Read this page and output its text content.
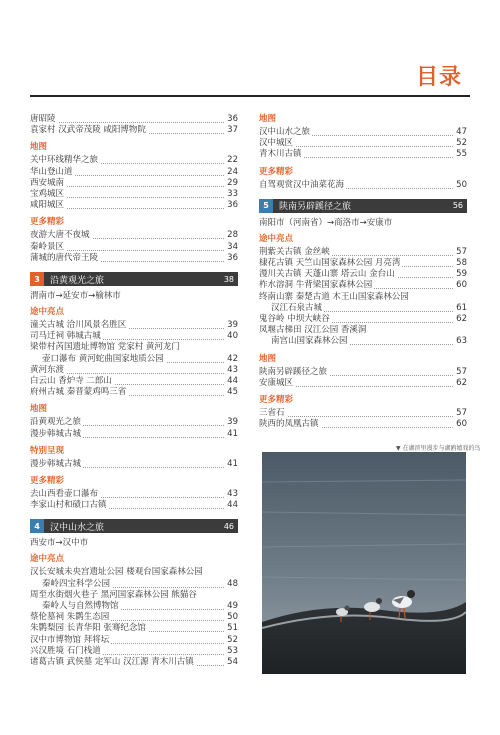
目录
唐昭陵	36
袁家村 汉武帝茂陵 咸阳博物院	37
地图
关中环线精华之旅	22
华山登山道	24
西安城南	29
宝鸡城区	33
咸阳城区	36
更多精彩
夜游大唐不夜城	28
秦岭景区	34
蒲城的唐代帝王陵	36
3	沿黄观光之旅	38
渭南市→延安市→榆林市
途中亮点
潼关古城 洽川风景名胜区	39
司马迁祠 韩城古城	40
梁带村芮国遗址博物馆 党家村 黄河龙门
壶口瀑布 黄河蛇曲国家地质公园	42
黄河东渡	43
白云山 香炉寺 二郎山	44
府州古城 秦晋蒙鸡鸣三省	45
地图
沿黄观光之旅	39
漫步韩城古城	41
特别呈现
漫步韩城古城	41
更多精彩
去山西看壶口瀑布	43
李家山村和碛口古镇	44
4	汉中山水之旅	46
西安市→汉中市
途中亮点
汉长安城未央宫遗址公园 楼观台国家森林公园
秦岭四宝科学公园	48
周至水街烟火巷子 黑河国家森林公园 熊猫谷
秦岭人与自然博物馆	49
蔡伦墓祠 朱鹮生态园	50
朱鹮梨园 长青华阳 张骞纪念馆	51
汉中市博物馆 拜将坛	52
兴汉胜境 石门栈道	53
诸葛古镇 武侯墓 定军山 汉江源 青木川古镇	54
地图
汉中山水之旅	47
汉中城区	52
青木川古镇	55
更多精彩
自驾观赏汉中油菜花海	50
5	陕南另辟蹊径之旅	56
南阳市（河南省）→商洛市→安康市
途中亮点
荆紫关古镇 金丝峡	57
棣花古镇 天竺山国家森林公园 月亮湾	58
漫川关古镇 天蓬山寨 塔云山 金台山	59
柞水溶洞 牛背梁国家森林公园	60
终南山寨 秦楚古道 木王山国家森林公园
汉江石泉古城	61
鬼谷岭 中坝大峡谷	62
凤堰古梯田 汉江公园 香溪洞
南宫山国家森林公园	63
地图
陕南另辟蹊径之旅	57
安康城区	62
更多精彩
三省石	57
陕西的凤凰古镇	60
▼ 在湖滨里漫步与湖鸥嬉戏的鸟
